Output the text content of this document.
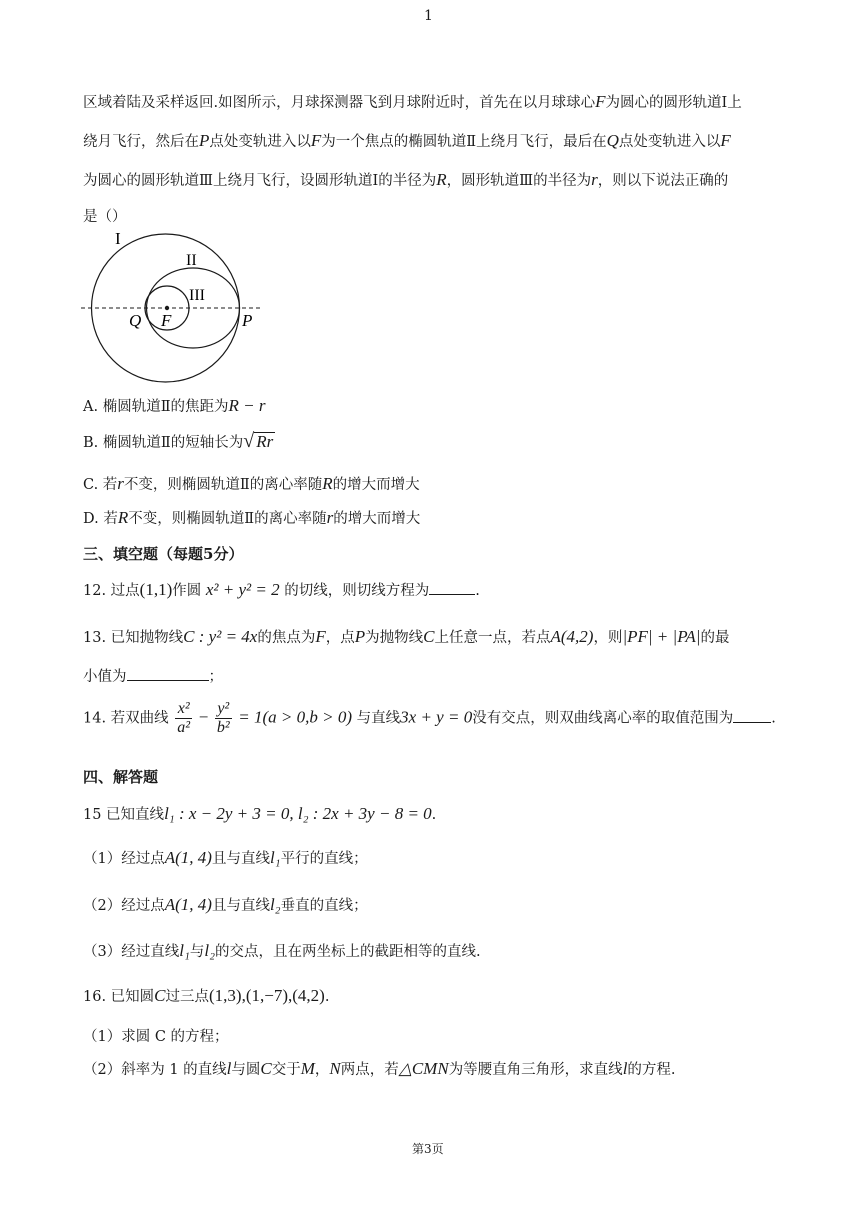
1
区域着陆及采样返回.如图所示，月球探测器飞到月球附近时，首先在以月球球心F为圆心的圆形轨道Ⅰ上
绕月飞行，然后在P点处变轨进入以F为一个焦点的椭圆轨道Ⅱ上绕月飞行，最后在Q点处变轨进入以F
为圆心的圆形轨道Ⅲ上绕月飞行，设圆形轨道Ⅰ的半径为R，圆形轨道Ⅲ的半径为r，则以下说法正确的
是（）
I
II
III
Q F	P
A. 椭圆轨道Ⅱ的焦距为R − r
B. 椭圆轨道Ⅱ的短轴长为√ Rr
C. 若r不变，则椭圆轨道Ⅱ的离心率随R的增大而增大
D. 若R不变，则椭圆轨道Ⅱ的离心率随r的增大而增大
三、填空题（每题5分）
12. 过点(1,1)作圆 x² + y² = 2 的切线，则切线方程为	.
13. 已知抛物线C : y² = 4x的焦点为F，点P为抛物线C上任意一点，若点A(4,2)，则|PF| + |PA|的最
小值为	；
14. 若双曲线 $\frac{\text{x²}}{\text{a²}} - \frac{\text{y²}}{\text{b²}} = 1(a > 0,b > 0)$ 与直线3x + y = 0没有交点，则双曲线离心率的取值范围为	.
四、解答题
15 已知直线l₁ : x − 2y + 3 = 0, l₂ : 2x + 3y − 8 = 0.
（1）经过点A(1, 4)且与直线l₁平行的直线；
（2）经过点A(1, 4)且与直线l₂垂直的直线；
（3）经过直线l₁与l₂的交点，且在两坐标上的截距相等的直线.
16. 已知圆C过三点(1,3),(1,−7),(4,2).
（1）求圆 C 的方程；
（2）斜率为 1 的直线l与圆C交于M，N两点，若△CMN为等腰直角三角形，求直线l的方程.
第3页
